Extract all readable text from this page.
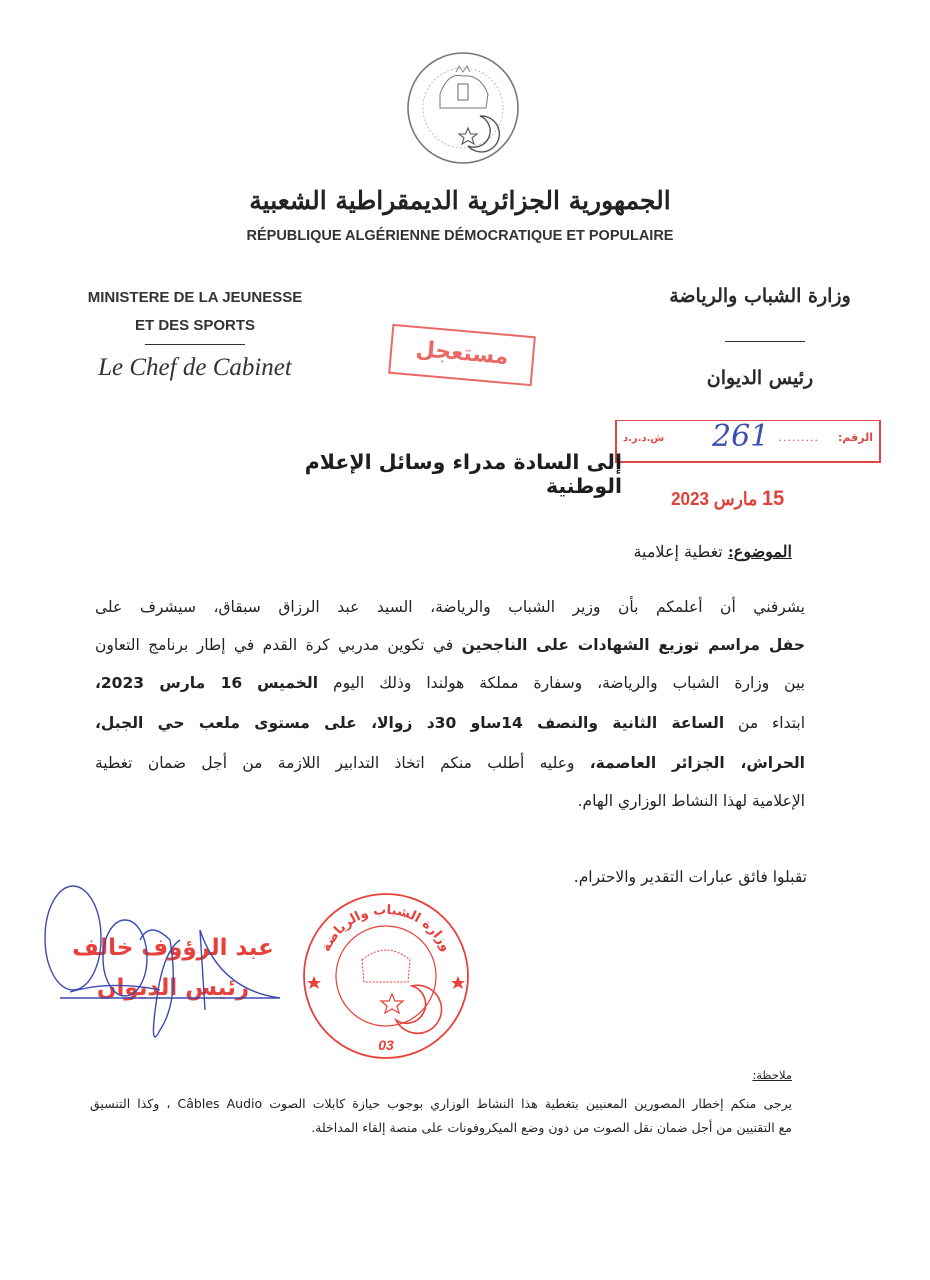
الجمهورية الجزائرية الديمقراطية الشعبية
RÉPUBLIQUE ALGÉRIENNE DÉMOCRATIQUE ET POPULAIRE
MINISTERE DE LA JEUNESSE
ET DES SPORTS
Le Chef de Cabinet
وزارة الشباب والرياضة
رئيس الديوان
مستعجل
الرقم:
.........
261
ش.د.ر.د
15 مارس 2023
إلى السادة مدراء وسائل الإعلام الوطنية
الموضوع: تغطية إعلامية
يشرفني أن أعلمكم بأن وزير الشباب والرياضة، السيد عبد الرزاق سبقاق، سيشرف على
حفل مراسم توزيع الشهادات على الناجحين في تكوين مدربي كرة القدم في إطار برنامج التعاون
بين وزارة الشباب والرياضة، وسفارة مملكة هولندا وذلك اليوم الخميس 16 مارس 2023،
ابتداء من الساعة الثانية والنصف 14ساو 30د زوالا، على مستوى ملعب حي الجبل،
الحراش، الجزائر العاصمة، وعليه أطلب منكم اتخاذ التدابير اللازمة من أجل ضمان تغطية
الإعلامية لهذا النشاط الوزاري الهام.
تقبلوا فائق عبارات التقدير والاحترام.
عبد الرؤوف خالف
رئيس الديوان
وزارة الشباب والرياضة
03
ملاحظة:
يرجى منكم إخطار المصورين المعنيين بتغطية هذا النشاط الوزاري بوجوب حيازة كابلات الصوت Câbles Audio ، وكذا التنسيق
مع التقنيين من أجل ضمان نقل الصوت من دون وضع الميكروفونات على منصة إلقاء المداخلة.
